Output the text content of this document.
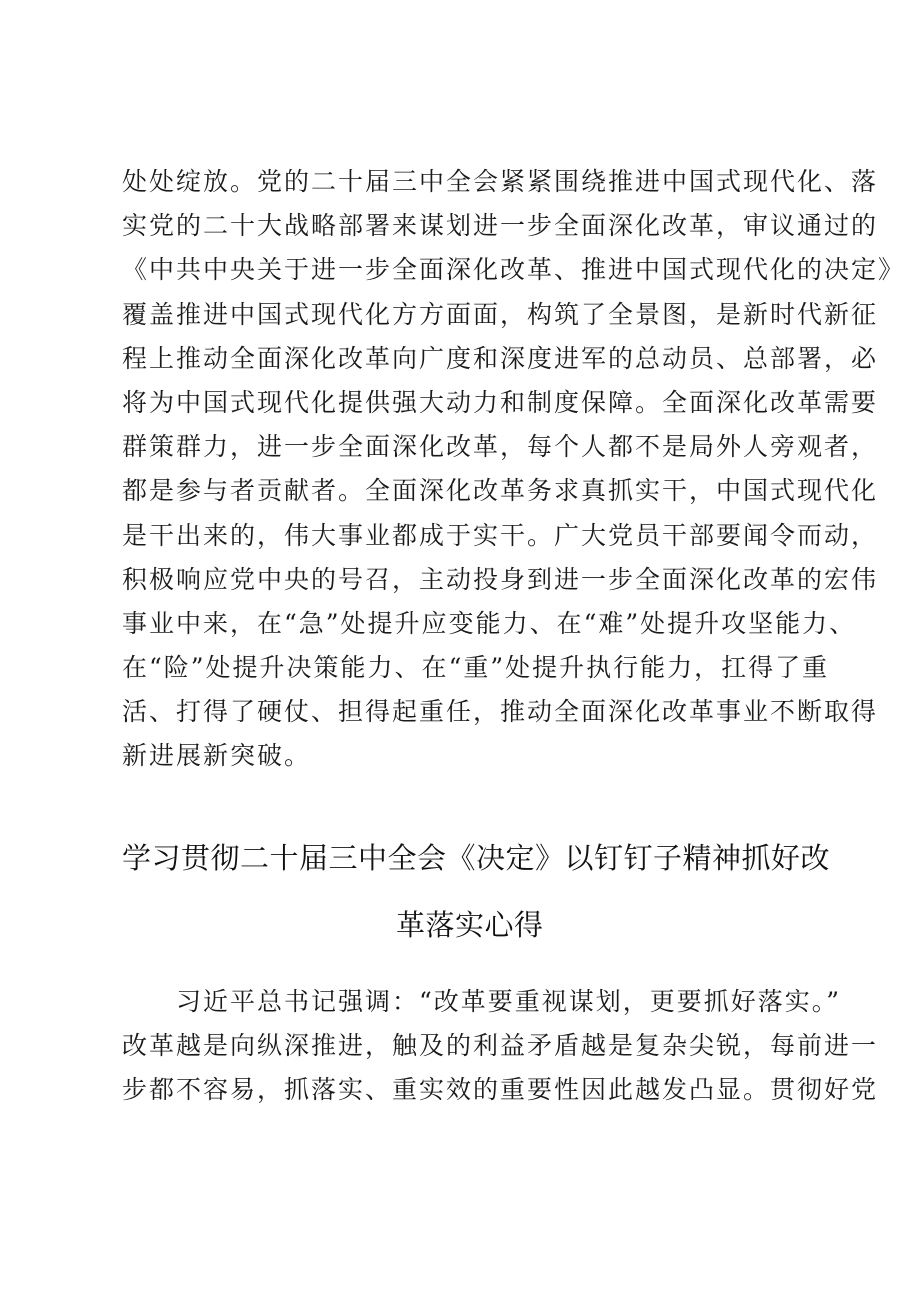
处处绽放。党的二十届三中全会紧紧围绕推进中国式现代化、落
实党的二十大战略部署来谋划进一步全面深化改革，审议通过的
《中共中央关于进一步全面深化改革、推进中国式现代化的决定》
覆盖推进中国式现代化方方面面，构筑了全景图，是新时代新征
程上推动全面深化改革向广度和深度进军的总动员、总部署，必
将为中国式现代化提供强大动力和制度保障。全面深化改革需要
群策群力，进一步全面深化改革，每个人都不是局外人旁观者，
都是参与者贡献者。全面深化改革务求真抓实干，中国式现代化
是干出来的，伟大事业都成于实干。广大党员干部要闻令而动，
积极响应党中央的号召，主动投身到进一步全面深化改革的宏伟
事业中来，在“急”处提升应变能力、在“难”处提升攻坚能力、
在“险”处提升决策能力、在“重”处提升执行能力，扛得了重
活、打得了硬仗、担得起重任，推动全面深化改革事业不断取得
新进展新突破。
学习贯彻二十届三中全会《决定》以钉钉子精神抓好改
革落实心得
　　习近平总书记强调：“改革要重视谋划，更要抓好落实。”
改革越是向纵深推进，触及的利益矛盾越是复杂尖锐，每前进一
步都不容易，抓落实、重实效的重要性因此越发凸显。贯彻好党
